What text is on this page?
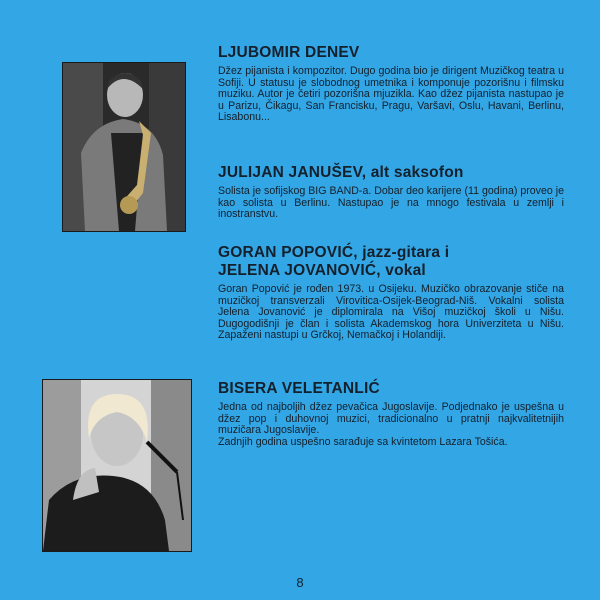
LJUBOMIR DENEV

Džez pijanista i kompozitor. Dugo godina bio je dirigent Muzičkog teatra u Sofiji. U statusu je slobodnog umetnika i komponuje pozorišnu i filmsku muziku. Autor je četiri pozorišna mjuzikla. Kao džez pijanista nastupao je u Parizu, Čikagu, San Francisku, Pragu, Varšavi, Oslu, Havani, Berlinu, Lisabonu...

JULIJAN JANUŠEV, alt saksofon

Solista je sofijskog BIG BAND-a. Dobar deo karijere (11 godina) proveo je kao solista u Berlinu. Nastupao je na mnogo festivala u zemlji i inostranstvu.

GORAN POPOVIĆ, jazz-gitara i
JELENA JOVANOVIĆ, vokal

Goran Popović je rođen 1973. u Osijeku. Muzičko obrazovanje stiče na muzičkoj transverzali Virovitica-Osijek-Beograd-Niš. Vokalni solista Jelena Jovanović je diplomirala na Višoj muzičkoj školi u Nišu. Dugogodišnji je član i solista Akademskog hora Univerziteta u Nišu. Zapaženi nastupi u Grčkoj, Nemačkoj i Holandiji.

BISERA VELETANLIĆ

Jedna od najboljih džez pevačica Jugoslavije. Podjednako je uspešna u džez pop i duhovnoj muzici, tradicionalno u pratnji najkvalitetnijih muzičara Jugoslavije.

Zadnjih godina uspešno sarađuje sa kvintetom Lazara Tošića.

8
